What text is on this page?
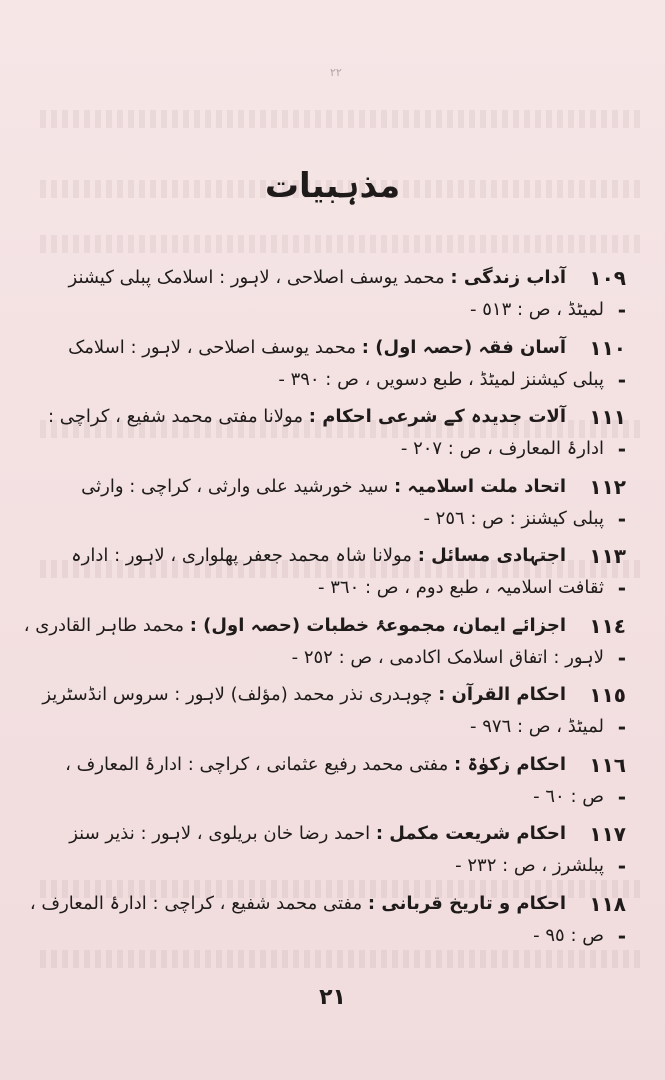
٢٢
مذہبیات
١٠٩ -
آداب زندگی : محمد یوسف اصلاحی ، لاہور : اسلامک پبلی کیشنز
لمیٹڈ ، ص : ٥١٣ -
١١٠ -
آسان فقہ (حصہ اول) : محمد یوسف اصلاحی ، لاہور : اسلامک
پبلی کیشنز لمیٹڈ ، طبع دسویں ، ص : ٣٩٠ -
١١١ -
آلات جدیدہ کے شرعی احکام : مولانا مفتی محمد شفیع ، کراچی :
ادارۂ المعارف ، ص : ٢٠٧ -
١١٢ -
اتحاد ملت اسلامیہ : سید خورشید علی وارثی ، کراچی : وارثی
پبلی کیشنز : ص : ٢٥٦ -
١١٣ -
اجتہادی مسائل : مولانا شاہ محمد جعفر پھلواری ، لاہور : ادارہ
ثقافت اسلامیہ ، طبع دوم ، ص : ٣٦٠ -
١١٤ -
اجزائے ایمان، مجموعۂ خطبات (حصہ اول) : محمد طاہر القادری ،
لاہور : اتفاق اسلامک اکادمی ، ص : ٢٥٢ -
١١٥ -
احکام القرآن : چوہدری نذر محمد (مؤلف) لاہور : سروس انڈسٹریز
لمیٹڈ ، ص : ٩٧٦ -
١١٦ -
احکام زکوٰۃ : مفتی محمد رفیع عثمانی ، کراچی : ادارۂ المعارف ،
ص : ٦٠ -
١١٧ -
احکام شریعت مکمل : احمد رضا خان بریلوی ، لاہور : نذیر سنز
پبلشرز ، ص : ٢٣٢ -
١١٨ -
احکام و تاریخ قربانی : مفتی محمد شفیع ، کراچی : ادارۂ المعارف ،
ص : ٩٥ -
٢١
